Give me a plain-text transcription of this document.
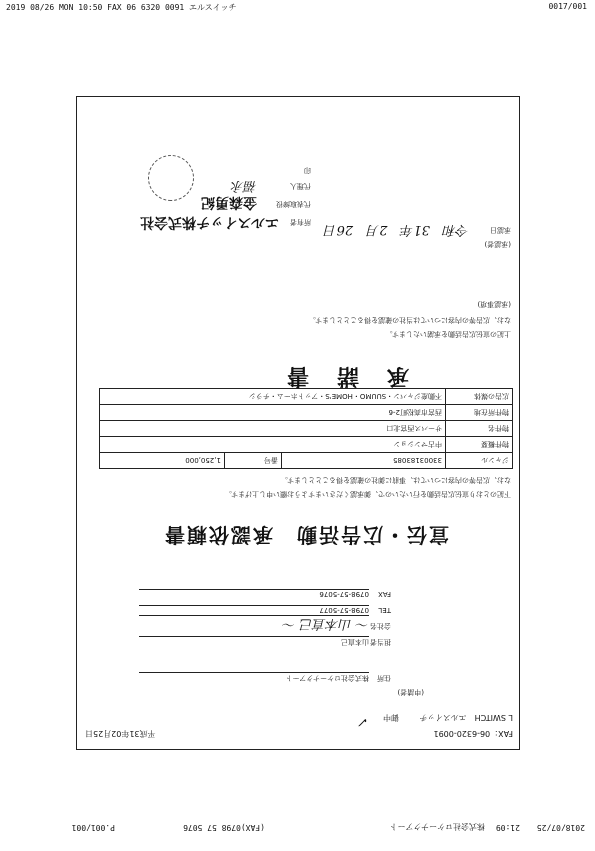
2019 08/26 MON 10:50 FAX 06 6320 0091 エルスイッチ	0017/001
FAX：06-6320-0091
L SWITCH　エルスイッチ
御中
平成31年02月25日
✓
(申請者)
住所
株式会社ロケーナクアート
担当者
山本直己
会社名
〜 山本直己 〜
TEL
0798-57-5077
FAX
0798-57-5076
宣伝・広告活動　承認依頼書
下記のとおり宣伝広告活動を行いたいので、御承認くださいますようお願い申し上げます。
なお、広告等の内容については、事前に御社の確認を得ることとします。
ジャンル	33003183085	番号	1,250,000
物件概要	中古マンション		
物件名	サーパス西宮北口		
物件所在地	西宮市高松町2-6		
広告の媒体	不動産ジャパン・SUUMO・HOME'S・アットホーム・チラシ		
承諾書
上記の宣伝広告活動を承諾いたします。
なお、広告等の内容については当社の確認を得ることとします。
(承認事項)
(承認者)
承認日
令和　31年　2月　26日
所有者
エルスイッチ株式会社
代表取締役
金森勇紀
代理人
福永
印
2018/07/25
21:09
株式会社ロケーナクアート
(FAX)0798 57 5076
P.001/001
